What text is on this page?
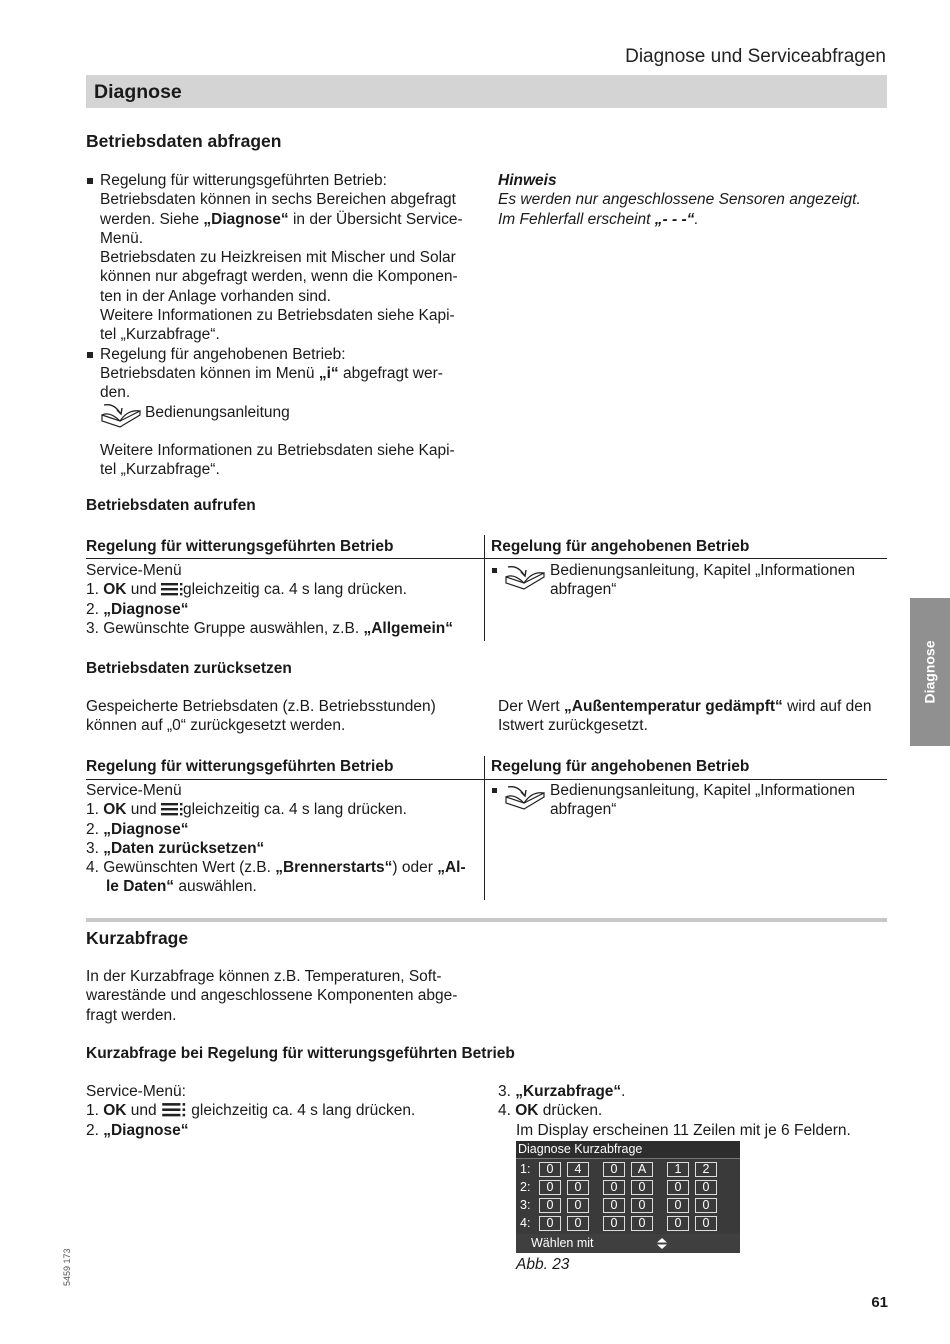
Diagnose und Serviceabfragen
Diagnose
Betriebsdaten abfragen
Regelung für witterungsgeführten Betrieb:
Betriebsdaten können in sechs Bereichen abgefragt
werden. Siehe „Diagnose“ in der Übersicht Service-
Menü.
Betriebsdaten zu Heizkreisen mit Mischer und Solar
können nur abgefragt werden, wenn die Komponen-
ten in der Anlage vorhanden sind.
Weitere Informationen zu Betriebsdaten siehe Kapi-
tel „Kurzabfrage“.
Regelung für angehobenen Betrieb:
Betriebsdaten können im Menü „i“ abgefragt wer-
den.
Bedienungsanleitung
Weitere Informationen zu Betriebsdaten siehe Kapi-
tel „Kurzabfrage“.
Hinweis
Es werden nur angeschlossene Sensoren angezeigt.
Im Fehlerfall erscheint „- - -“.
Betriebsdaten aufrufen
Regelung für witterungsgeführten Betrieb	Regelung für angehobenen Betrieb
Service-Menü
1. OK und gleichzeitig ca. 4 s lang drücken.
2. „Diagnose“
3. Gewünschte Gruppe auswählen, z.B. „Allgemein“
Bedienungsanleitung, Kapitel „Informationen
abfragen“
Betriebsdaten zurücksetzen
Gespeicherte Betriebsdaten (z.B. Betriebsstunden)
können auf „0“ zurückgesetzt werden.
Der Wert „Außentemperatur gedämpft“ wird auf den
Istwert zurückgesetzt.
Regelung für witterungsgeführten Betrieb	Regelung für angehobenen Betrieb
Service-Menü
1. OK und gleichzeitig ca. 4 s lang drücken.
2. „Diagnose“
3. „Daten zurücksetzen“
4. Gewünschten Wert (z.B. „Brennerstarts“) oder „Al-
le Daten“ auswählen.
Bedienungsanleitung, Kapitel „Informationen
abfragen“
Diagnose
Kurzabfrage
In der Kurzabfrage können z.B. Temperaturen, Soft-
wareständе und angeschlossene Komponenten abge-
fragt werden.
Kurzabfrage bei Regelung für witterungsgeführten Betrieb
Service-Menü:
1. OK und  gleichzeitig ca. 4 s lang drücken.
2. „Diagnose“
3. „Kurzabfrage“.
4. OK drücken.
Im Display erscheinen 11 Zeilen mit je 6 Feldern.
Diagnose Kurzabfrage
1:	0	4	0	A	1	2
2:	0	0	0	0	0	0
3:	0	0	0	0	0	0
4:	0	0	0	0	0	0
Wählen mit
Abb. 23
61
5459 173
